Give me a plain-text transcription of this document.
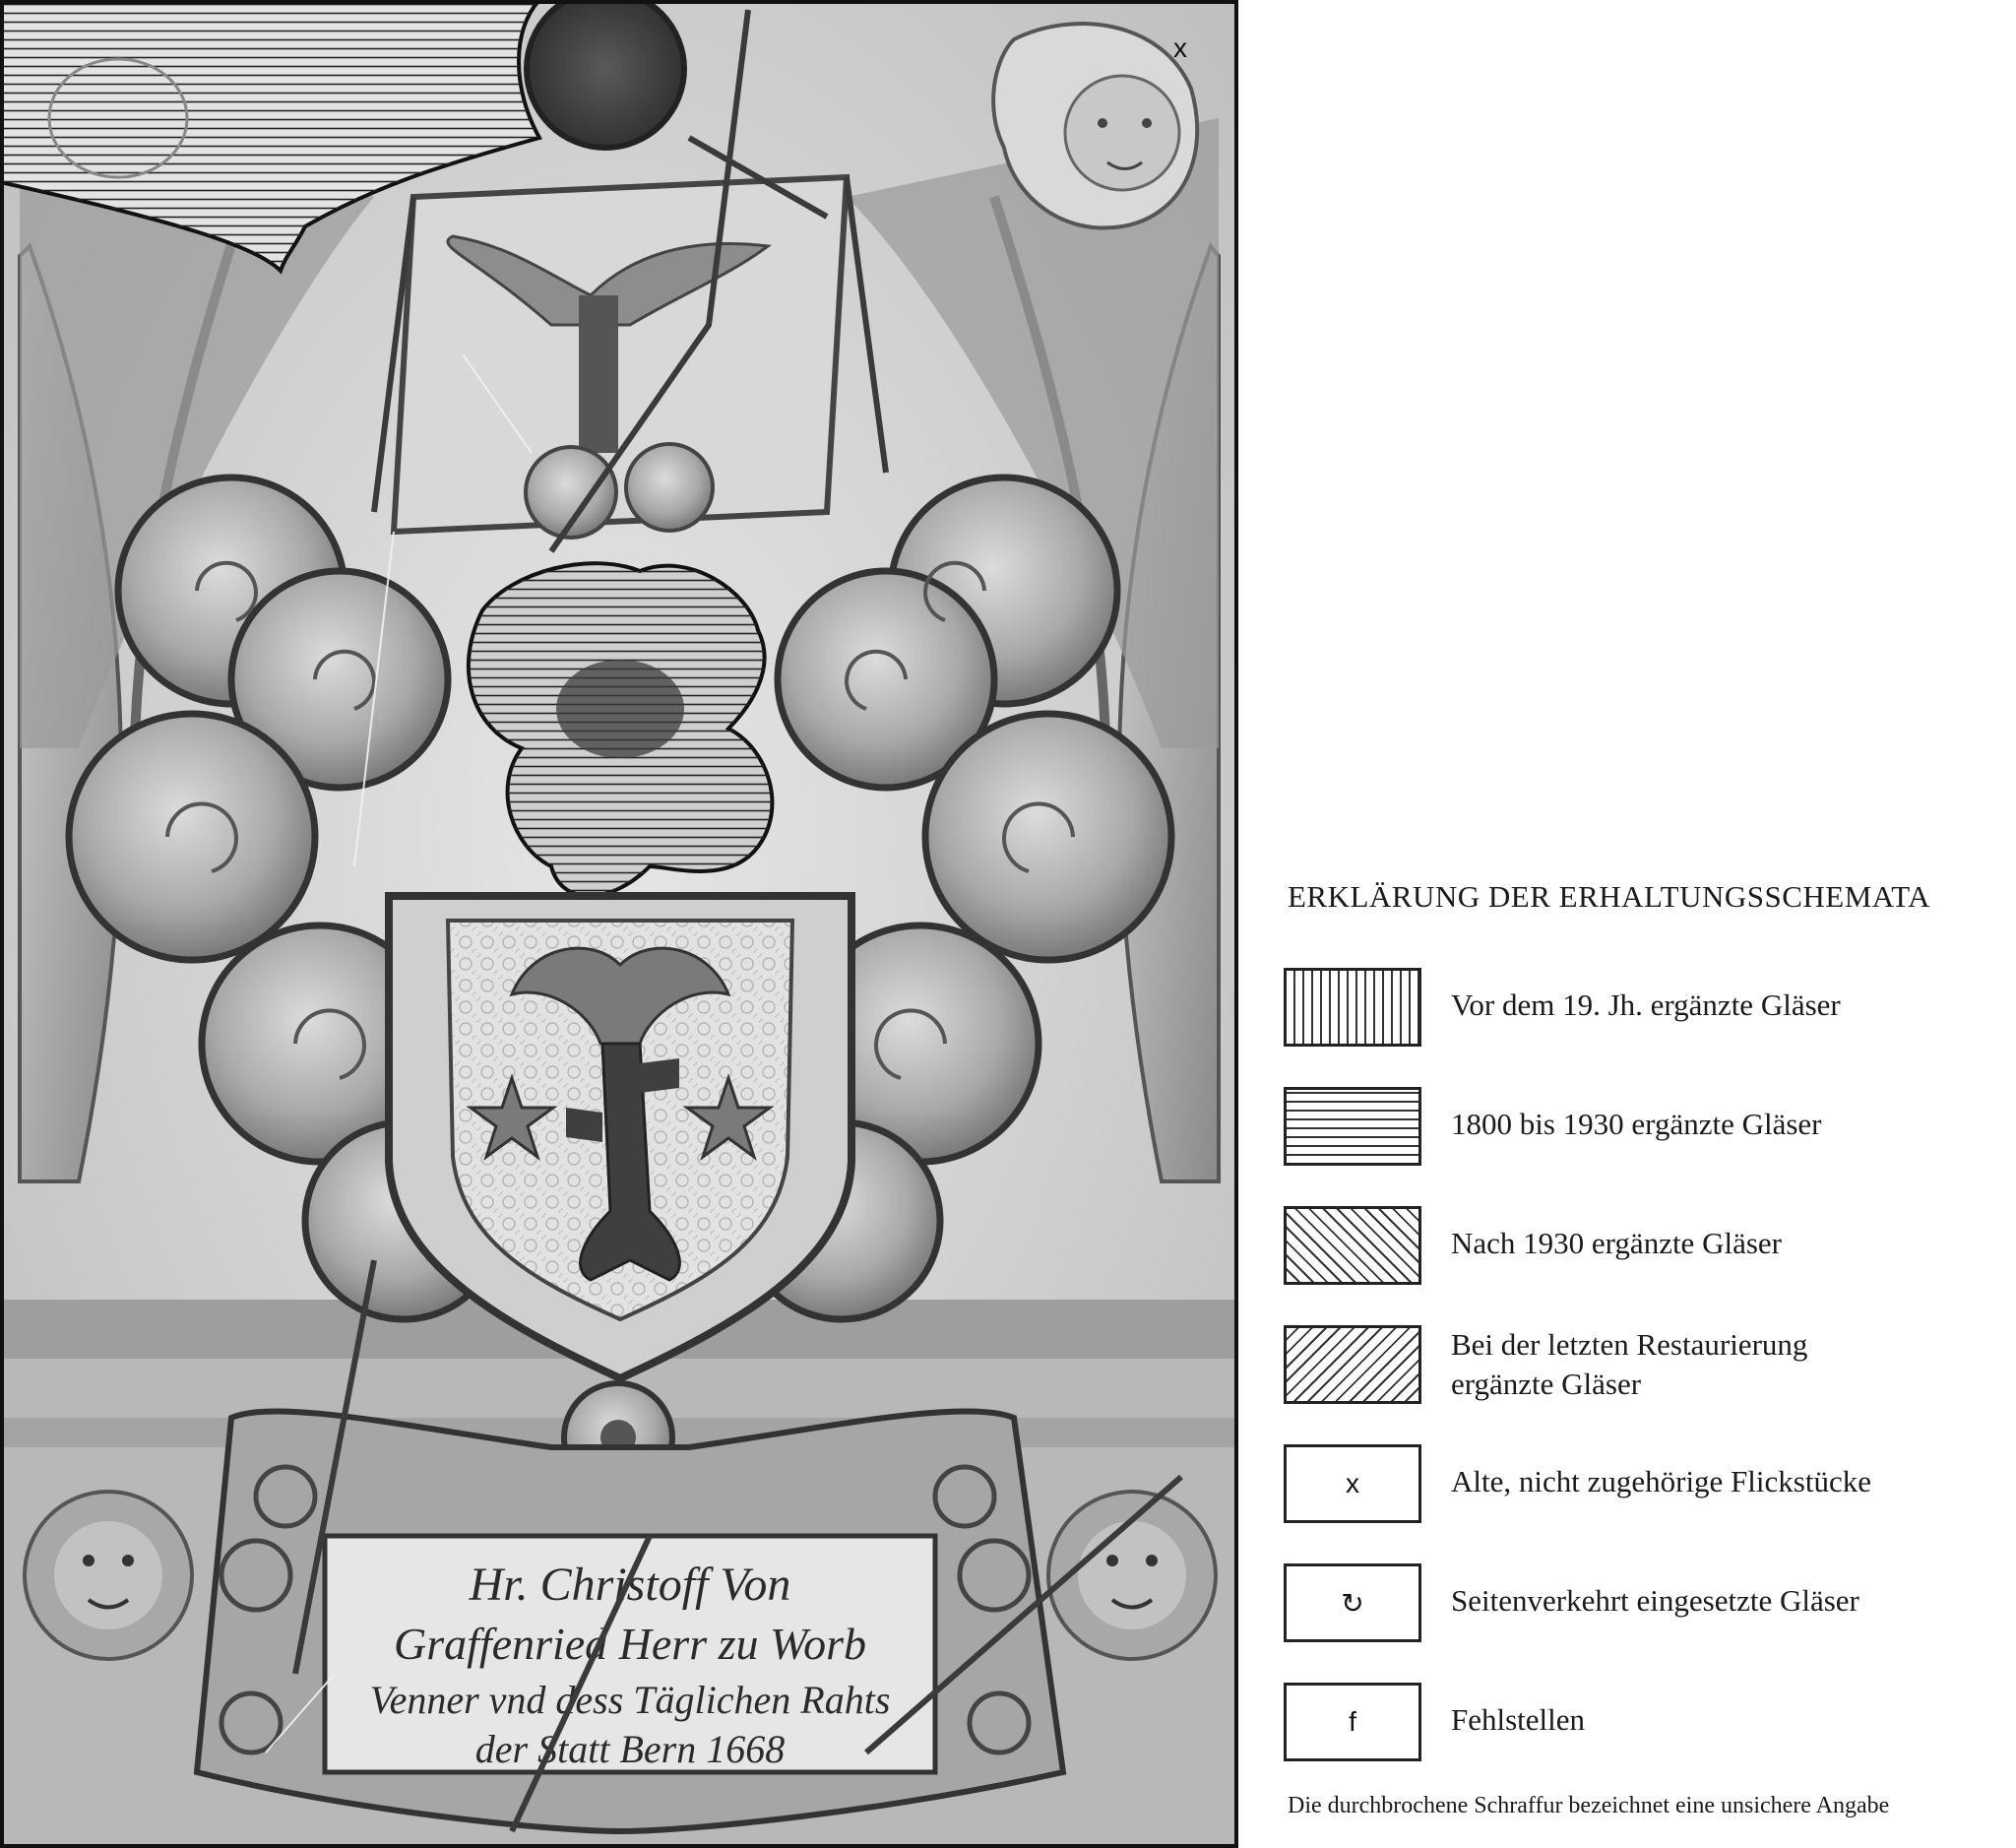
x
Hr. Christoff Von
Graffenried Herr zu Worb
Venner vnd dess Täglichen Rahts
der Statt Bern 1668
ERKLÄRUNG DER ERHALTUNGSSCHEMATA
Vor dem 19. Jh. ergänzte Gläser
1800 bis 1930 ergänzte Gläser
Nach 1930 ergänzte Gläser
Bei der letzten Restaurierung
ergänzte Gläser
x	Alte, nicht zugehörige Flickstücke
↻	Seitenverkehrt eingesetzte Gläser
f	Fehlstellen
Die durchbrochene Schraffur bezeichnet eine unsichere Angabe
